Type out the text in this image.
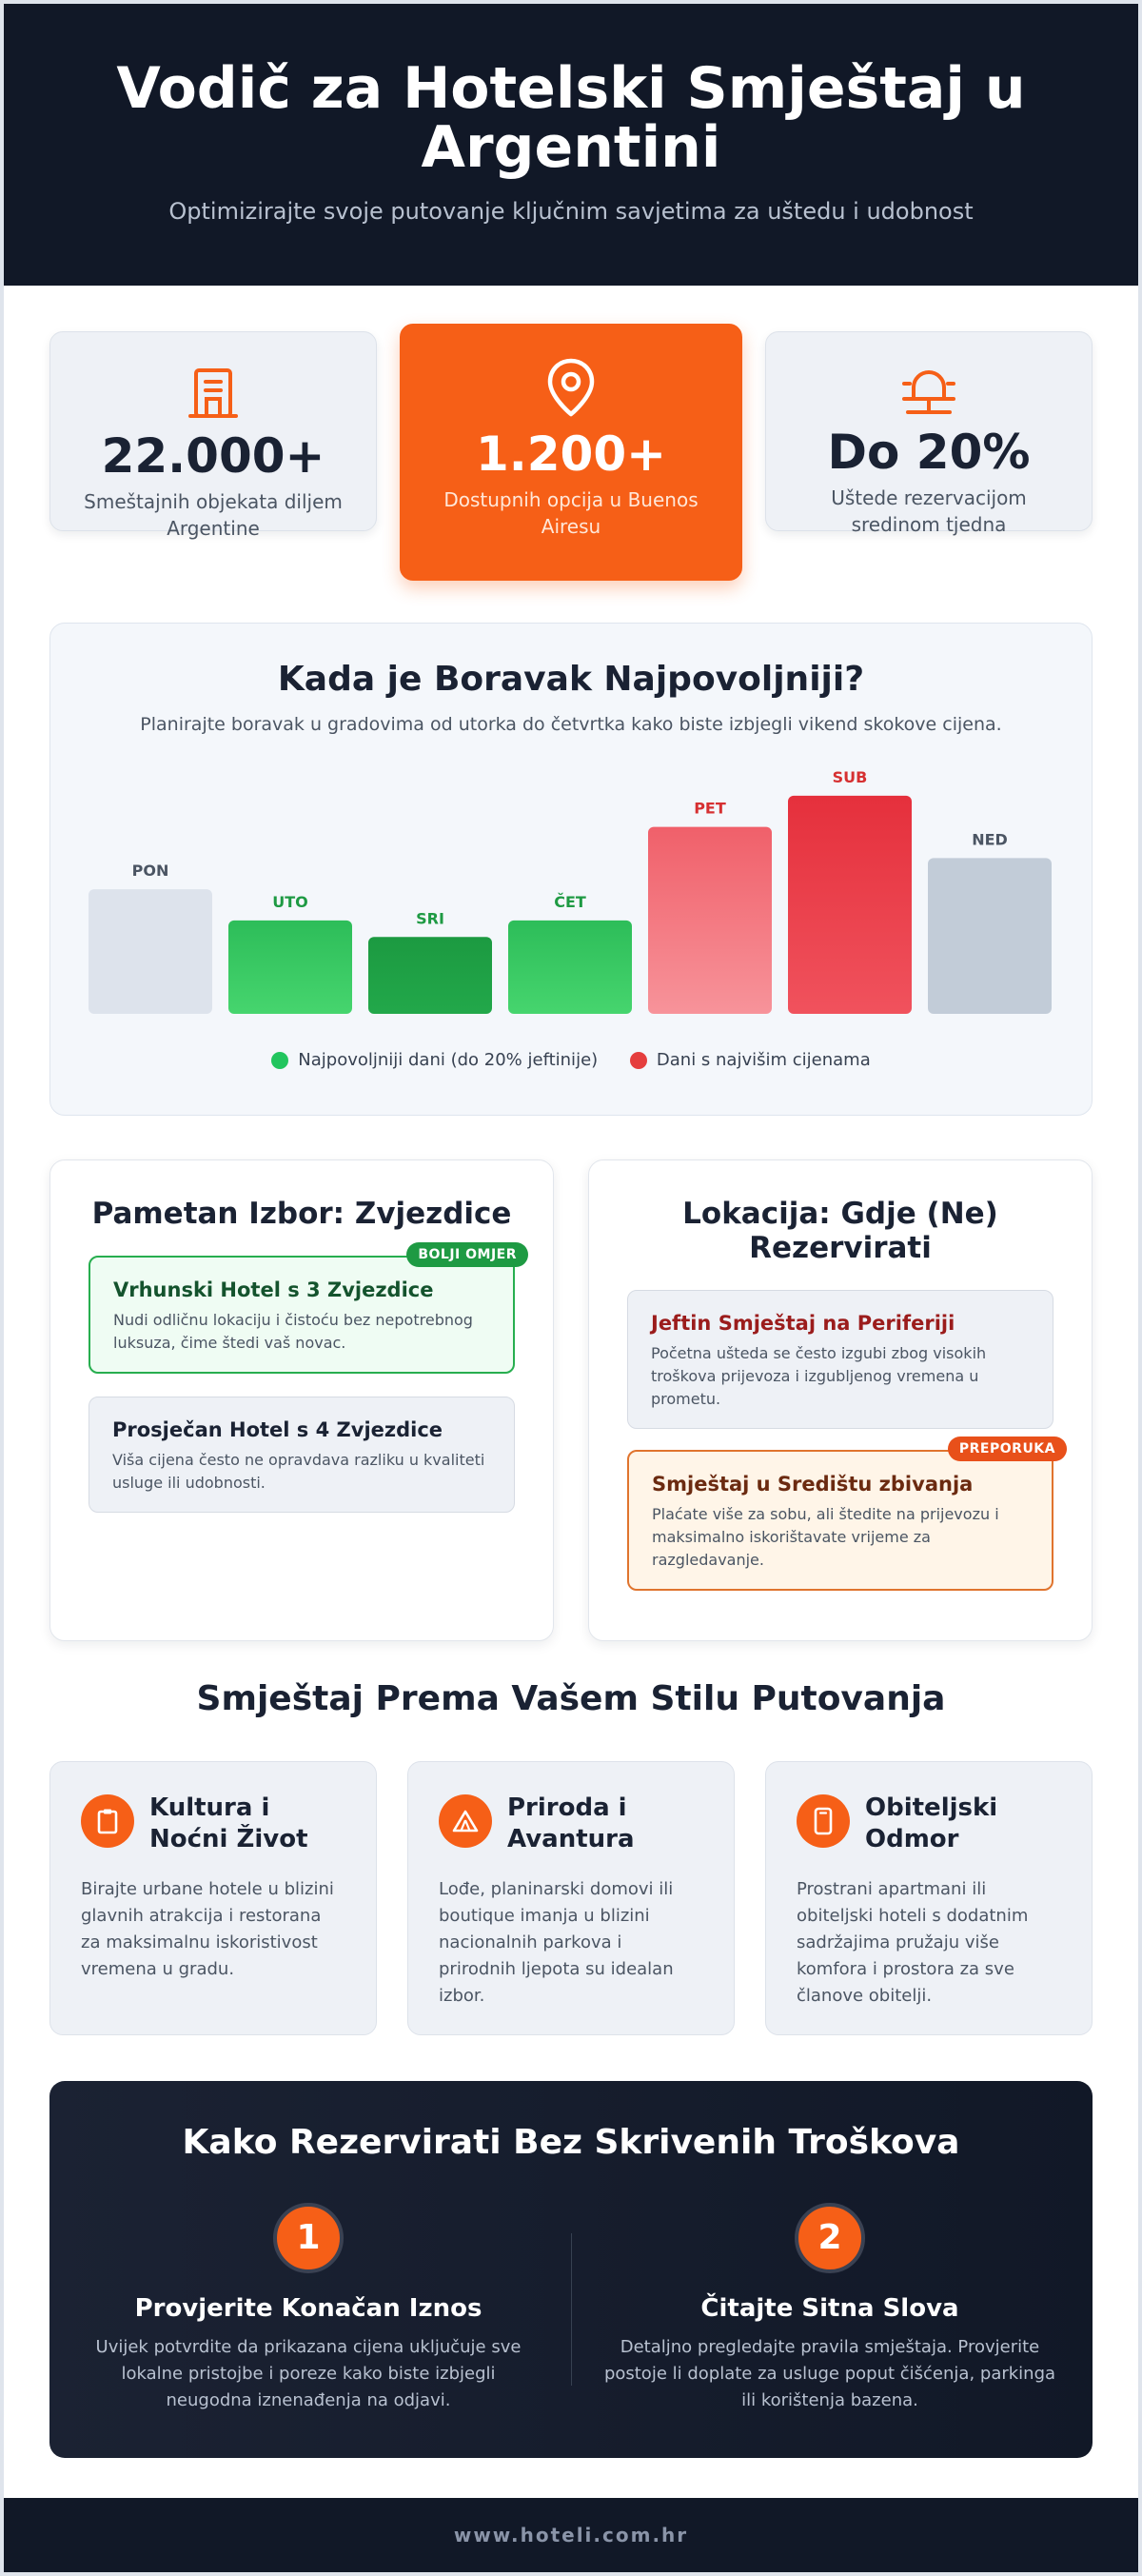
Vodič za Hotelski Smještaj u Argentini
Optimizirajte svoje putovanje ključnim savjetima za uštedu i udobnost
22.000+
Smeštajnih objekata diljem Argentine
1.200+
Dostupnih opcija u Buenos Airesu
Do 20%
Uštede rezervacijom sredinom tjedna
Kada je Boravak Najpovoljniji?
Planirajte boravak u gradovima od utorka do četvrtka kako biste izbjegli vikend skokove cijena.
PON
UTO
SRI
ČET
PET
SUB
NED
Najpovoljniji dani (do 20% jeftinije)
	Dani s najvišim cijenama
Pametan Izbor: Zvjezdice
BOLJI OMJER
Vrhunski Hotel s 3 Zvjezdice
Nudi odličnu lokaciju i čistoću bez nepotrebnog luksuza, čime štedi vaš novac.
Prosječan Hotel s 4 Zvjezdice
Viša cijena često ne opravdava razliku u kvaliteti usluge ili udobnosti.
Lokacija: Gdje (Ne) Rezervirati
Jeftin Smještaj na Periferiji
Početna ušteda se često izgubi zbog visokih troškova prijevoza i izgubljenog vremena u prometu.
PREPORUKA
Smještaj u Središtu zbivanja
Plaćate više za sobu, ali štedite na prijevozu i maksimalno iskorištavate vrijeme za razgledavanje.
Smještaj Prema Vašem Stilu Putovanja
Kultura i Noćni Život
Birajte urbane hotele u blizini glavnih atrakcija i restorana za maksimalnu iskoristivost vremena u gradu.
Priroda i Avantura
Lođe, planinarski domovi ili boutique imanja u blizini nacionalnih parkova i prirodnih ljepota su idealan izbor.
Obiteljski Odmor
Prostrani apartmani ili obiteljski hoteli s dodatnim sadržajima pružaju više komfora i prostora za sve članove obitelji.
Kako Rezervirati Bez Skrivenih Troškova
1
Provjerite Konačan Iznos
Uvijek potvrdite da prikazana cijena uključuje sve lokalne pristojbe i poreze kako biste izbjegli neugodna iznenađenja na odjavi.
2
Čitajte Sitna Slova
Detaljno pregledajte pravila smještaja. Provjerite postoje li doplate za usluge poput čišćenja, parkinga ili korištenja bazena.
www.hoteli.com.hr
